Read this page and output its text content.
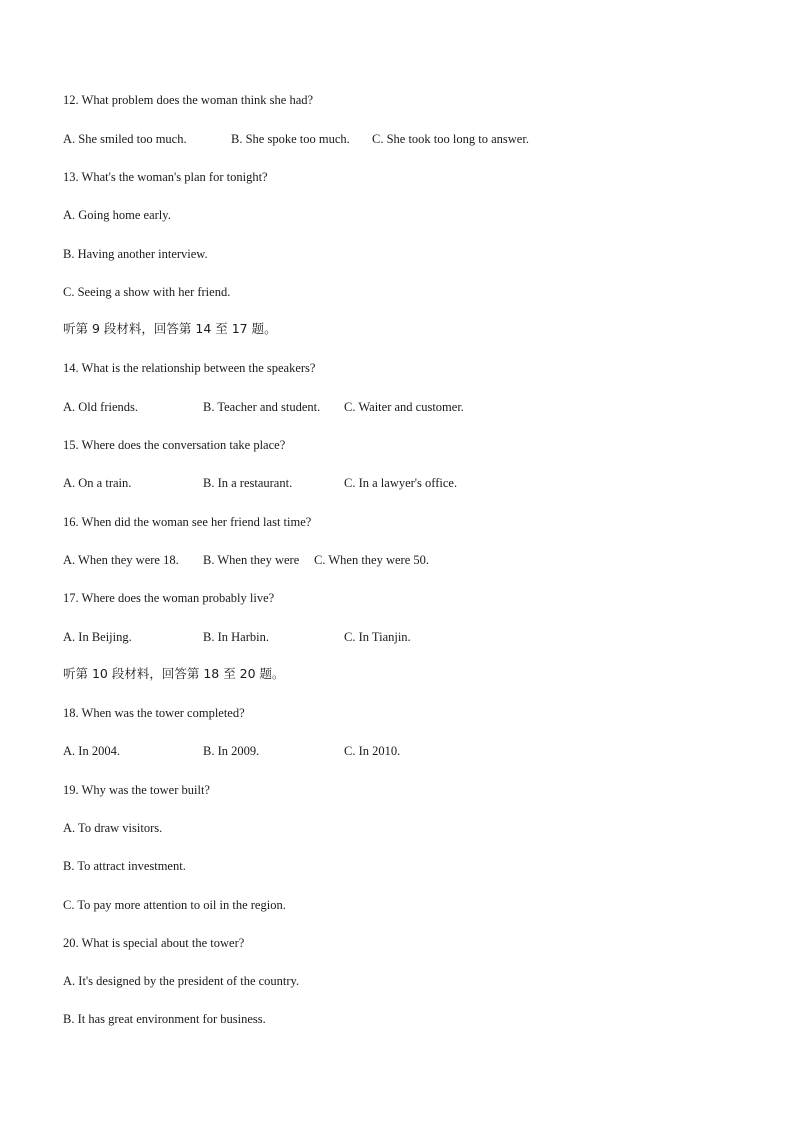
12. What problem does the woman think she had?
A. She smiled too much.	B. She spoke too much. C. She took too long to answer.
13. What's the woman's plan for tonight?
A. Going home early.
B. Having another interview.
C. Seeing a show with her friend.
听第 9 段材料，回答第 14 至 17 题。
14. What is the relationship between the speakers?
A. Old friends.	B. Teacher and student. C. Waiter and customer.
15. Where does the conversation take place?
A. On a train.	B. In a restaurant.	C. In a lawyer's office.
16. When did the woman see her friend last time?
A. When they were 18. B. When they were C. When they were 50.
17. Where does the woman probably live?
A. In Beijing.	B. In Harbin.	C. In Tianjin.
听第 10 段材料，回答第 18 至 20 题。
18. When was the tower completed?
A. In 2004.	B. In 2009.	C. In 2010.
19. Why was the tower built?
A. To draw visitors.
B. To attract investment.
C. To pay more attention to oil in the region.
20. What is special about the tower?
A. It's designed by the president of the country.
B. It has great environment for business.
